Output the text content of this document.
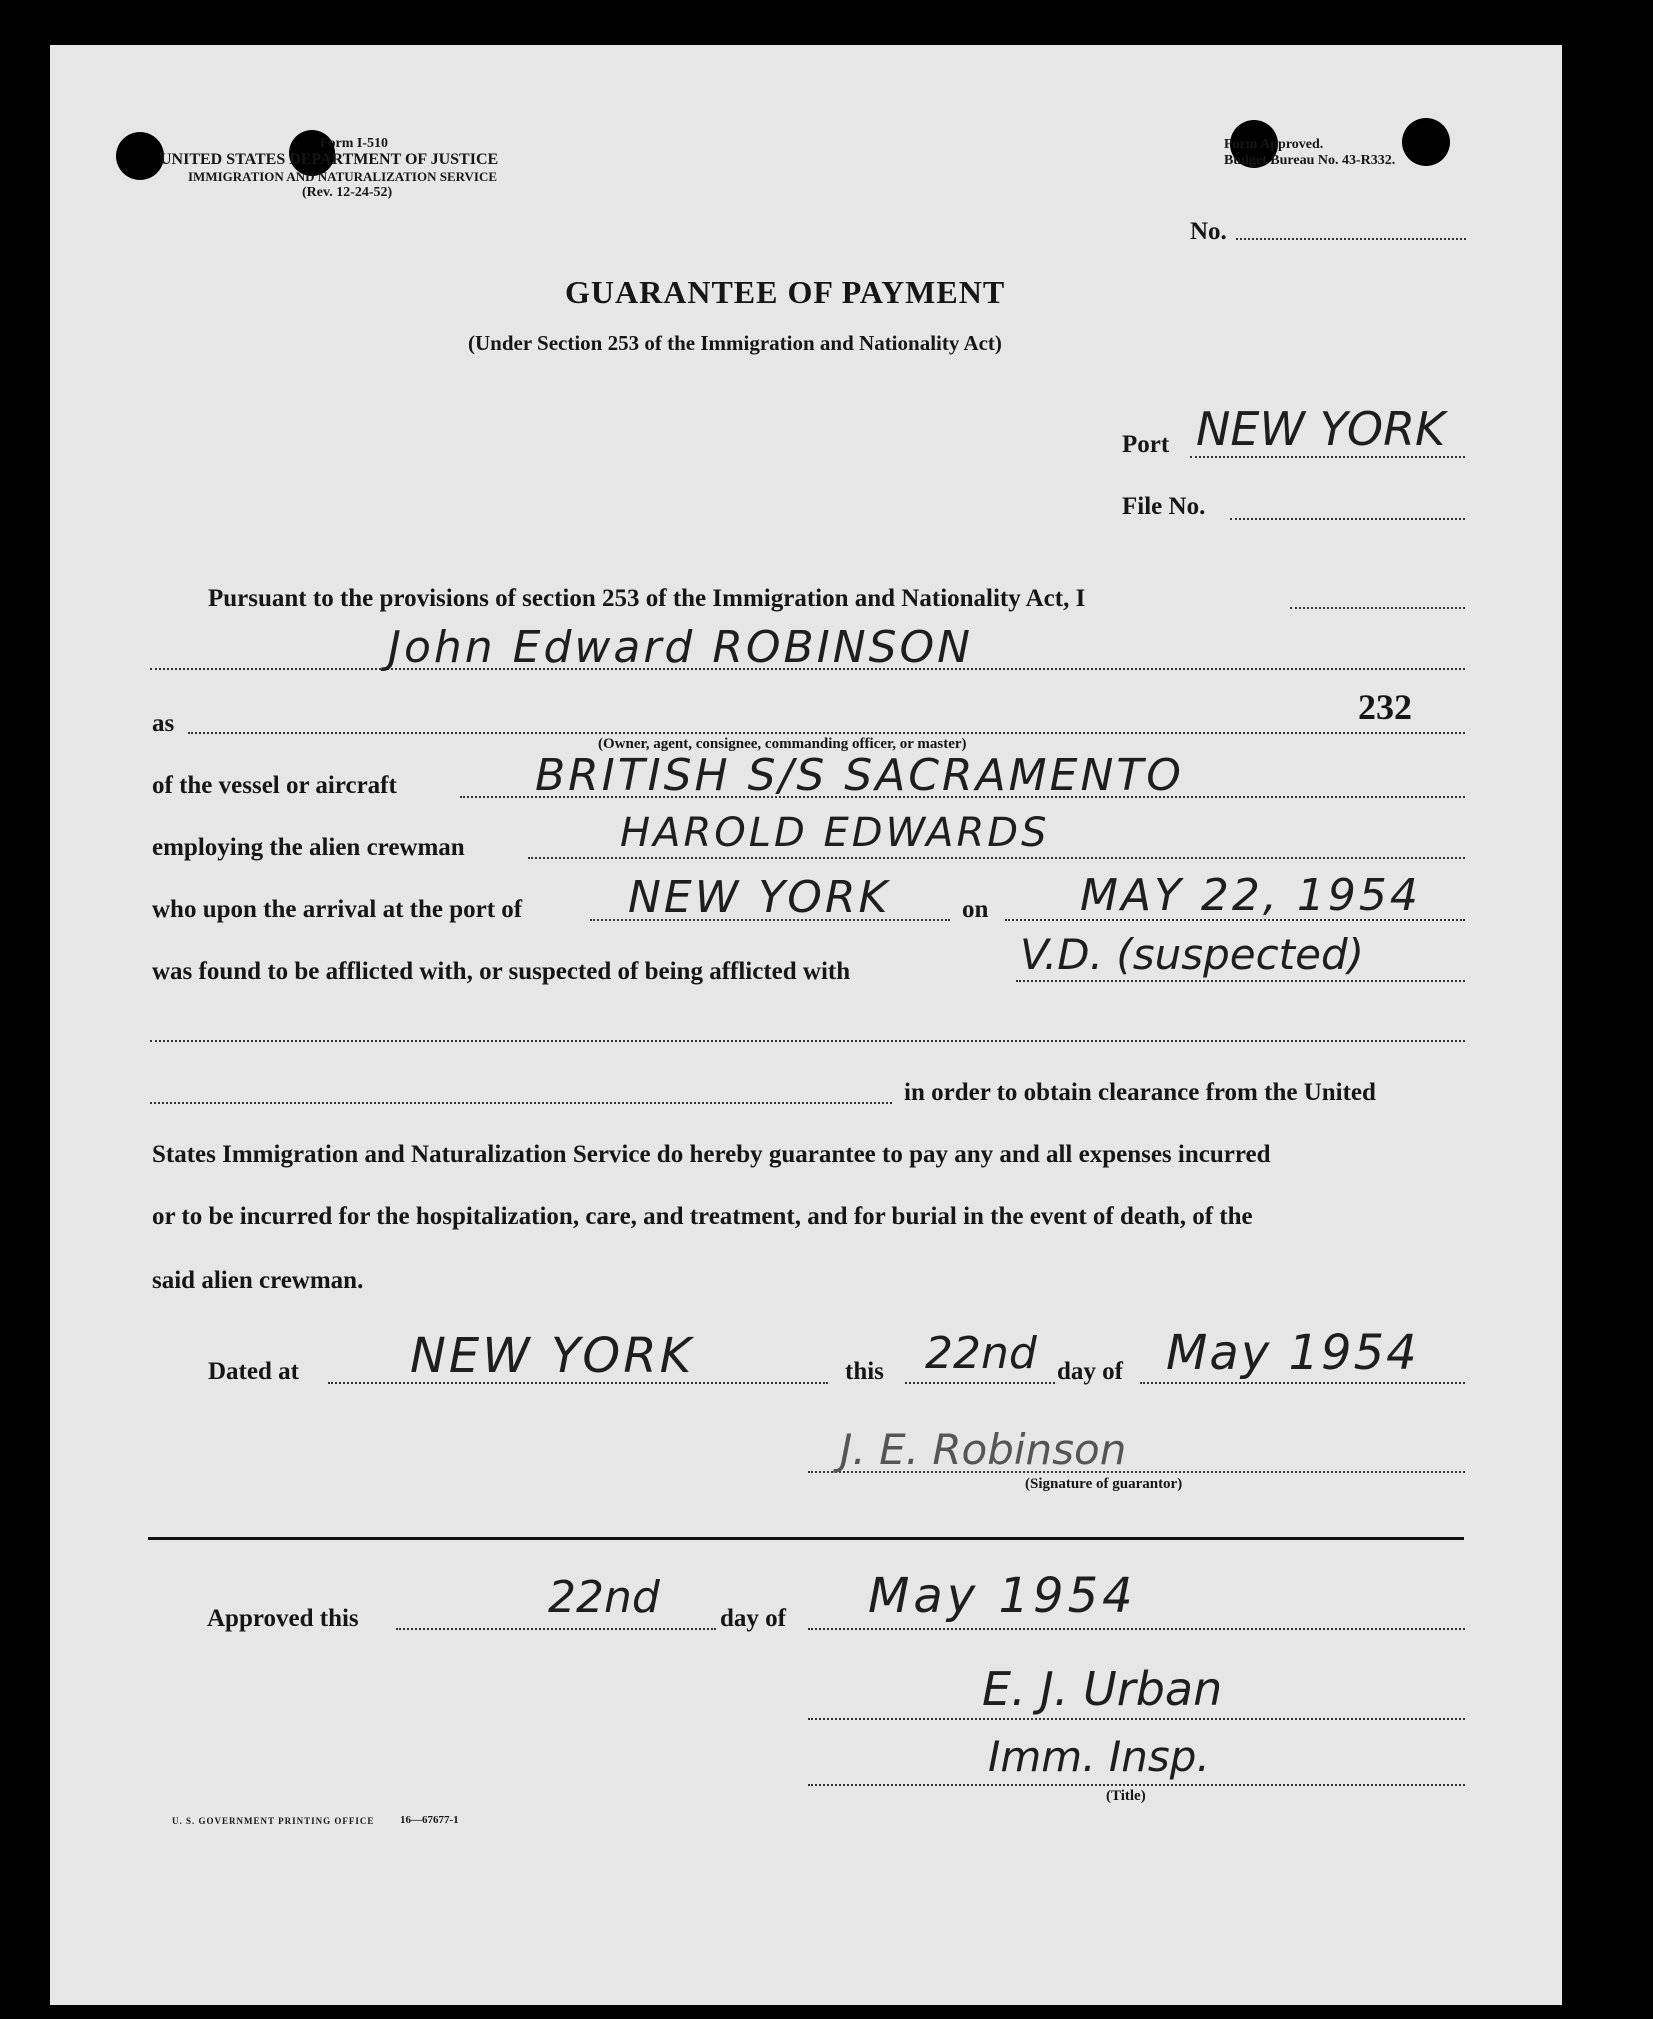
Form I-510
UNITED STATES DEPARTMENT OF JUSTICE
IMMIGRATION AND NATURALIZATION SERVICE
(Rev. 12-24-52)
Form Approved.
Budget Bureau No. 43-R332.
No.
GUARANTEE OF PAYMENT
(Under Section 253 of the Immigration and Nationality Act)
Port NEW YORK
File No.
Pursuant to the provisions of section 253 of the Immigration and Nationality Act, I
John Edward ROBINSON
as	232
(Owner, agent, consignee, commanding officer, or master)
of the vessel or aircraft	BRITISH S/S SACRAMENTO
employing the alien crewman	HAROLD EDWARDS
who upon the arrival at the port of NEW YORK	on MAY 22, 1954
was found to be afflicted with, or suspected of being afflicted with	V.D. (suspected)
in order to obtain clearance from the United
States Immigration and Naturalization Service do hereby guarantee to pay any and all expenses incurred
or to be incurred for the hospitalization, care, and treatment, and for burial in the event of death, of the
said alien crewman.
Dated at NEW YORK	this 22nd day of May 1954
J. E. Robinson
(Signature of guarantor)
Approved this	22nd day of May 1954
E. J. Urban
Imm. Insp.
(Title)
U. S. GOVERNMENT PRINTING OFFICE 16—67677-1
